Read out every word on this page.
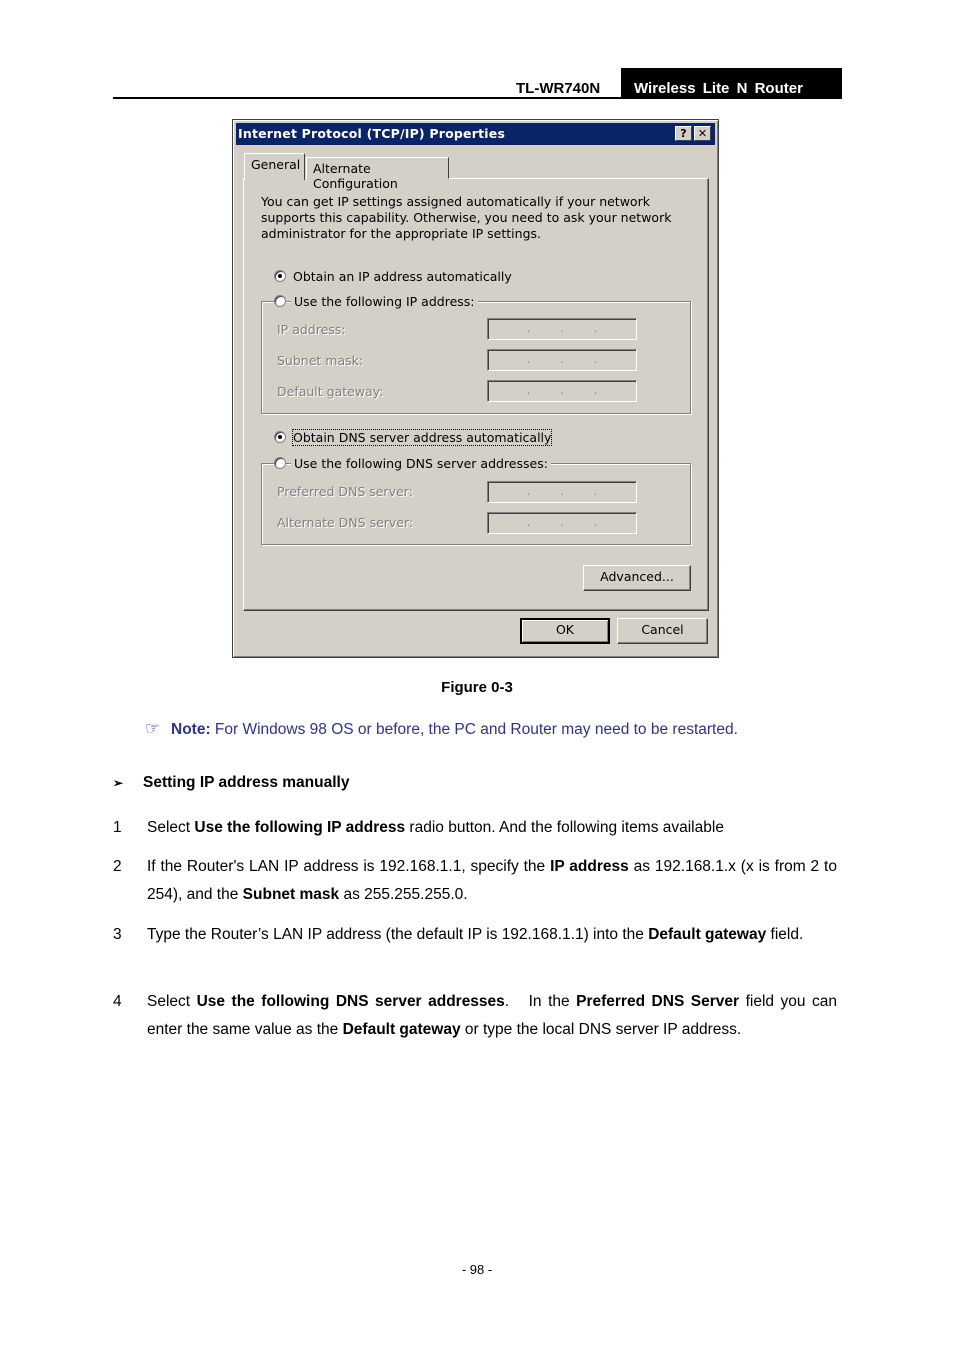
TL-WR740N Wireless Lite N Router
Internet Protocol (TCP/IP) Properties	?	✕
General	Alternate Configuration
You can get IP settings assigned automatically if your network supports this capability. Otherwise, you need to ask your network administrator for the appropriate IP settings.
Obtain an IP address automatically
Use the following IP address:
IP address:	...
Subnet mask:	...
Default gateway:	...
Obtain DNS server address automatically
Use the following DNS server addresses:
Preferred DNS server:	...
Alternate DNS server:	...
Advanced...
OK	Cancel
Figure 0-3
☞ Note: For Windows 98 OS or before, the PC and Router may need to be restarted.
➢ Setting IP address manually
1 Select Use the following IP address radio button. And the following items available
2 If the Router's LAN IP address is 192.168.1.1, specify the IP address as 192.168.1.x (x is from 2 to 254), and the Subnet mask as 255.255.255.0.
3 Type the Router’s LAN IP address (the default IP is 192.168.1.1) into the Default gateway field.
4 Select Use the following DNS server addresses.   In the Preferred DNS Server field you can enter the same value as the Default gateway or type the local DNS server IP address.
- 98 -
